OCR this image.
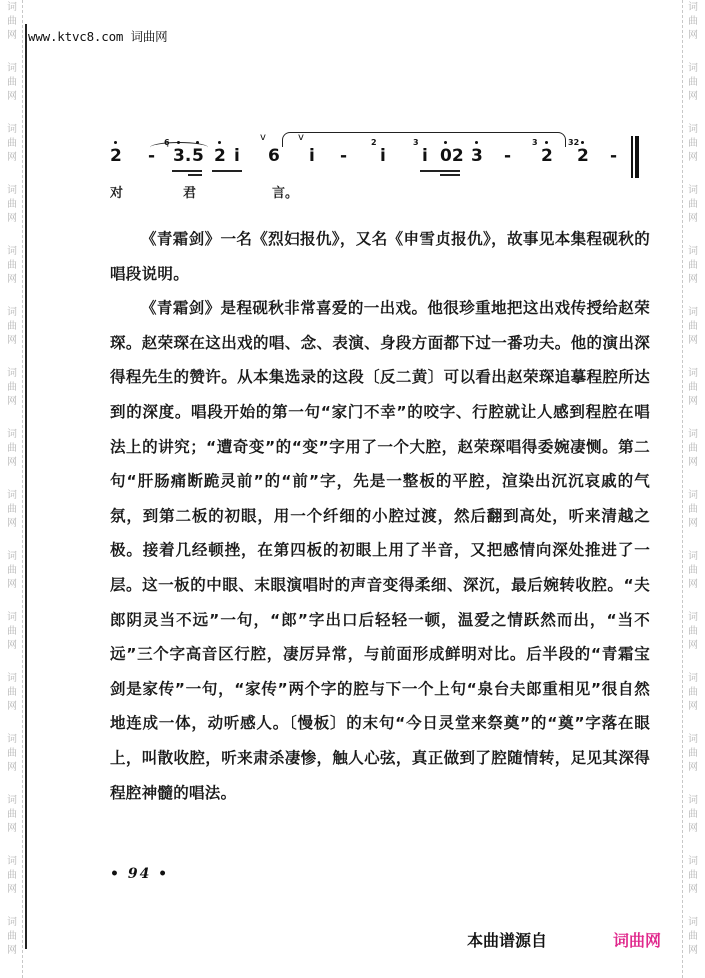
词
曲
网
词
曲
网
词
曲
网
词
曲
网
词
曲
网
词
曲
网
词
曲
网
词
曲
网
词
曲
网
词
曲
网
词
曲
网
词
曲
网
词
曲
网
词
曲
网
词
曲
网
词
曲
网
词
曲
网
词
曲
网
词
曲
网
词
曲
网
词
曲
网
词
曲
网
词
曲
网
词
曲
网
词
曲
网
词
曲
网
词
曲
网
词
曲
网
词
曲
网
词
曲
网
词
曲
网
词
曲
网
www.ktvc8.com 词曲网
2 - 3.
6̣
5 2 i 6 i - i
2
i
3
02 3 - 2
3
2
32
-
v	v
对	君	言。

《青霜剑》一名《烈妇报仇》，又名《申雪贞报仇》，故事见本集程砚秋的唱段说明。

《青霜剑》是程砚秋非常喜爱的一出戏。他很珍重地把这出戏传授给赵荣琛。赵荣琛在这出戏的唱、念、表演、身段方面都下过一番功夫。他的演出深得程先生的赞许。从本集选录的这段〔反二黄〕可以看出赵荣琛追摹程腔所达到的深度。唱段开始的第一句“家门不幸”的咬字、行腔就让人感到程腔在唱法上的讲究；“遭奇变”的“变”字用了一个大腔，赵荣琛唱得委婉凄恻。第二句“肝肠痛断跪灵前”的“前”字，先是一整板的平腔，渲染出沉沉哀戚的气氛，到第二板的初眼，用一个纤细的小腔过渡，然后翻到高处，听来清越之极。接着几经顿挫，在第四板的初眼上用了半音，又把感情向深处推进了一层。这一板的中眼、末眼演唱时的声音变得柔细、深沉，最后婉转收腔。“夫郎阴灵当不远”一句，“郎”字出口后轻轻一顿，温爱之情跃然而出，“当不远”三个字高音区行腔，凄厉异常，与前面形成鲜明对比。后半段的“青霜宝剑是家传”一句，“家传”两个字的腔与下一个上句“泉台夫郎重相见”很自然地连成一体，动听感人。〔慢板〕的末句“今日灵堂来祭奠”的“奠”字落在眼上，叫散收腔，听来肃杀凄惨，触人心弦，真正做到了腔随情转，足见其深得程腔神髓的唱法。

• 94 •
本曲谱源自	词曲网
